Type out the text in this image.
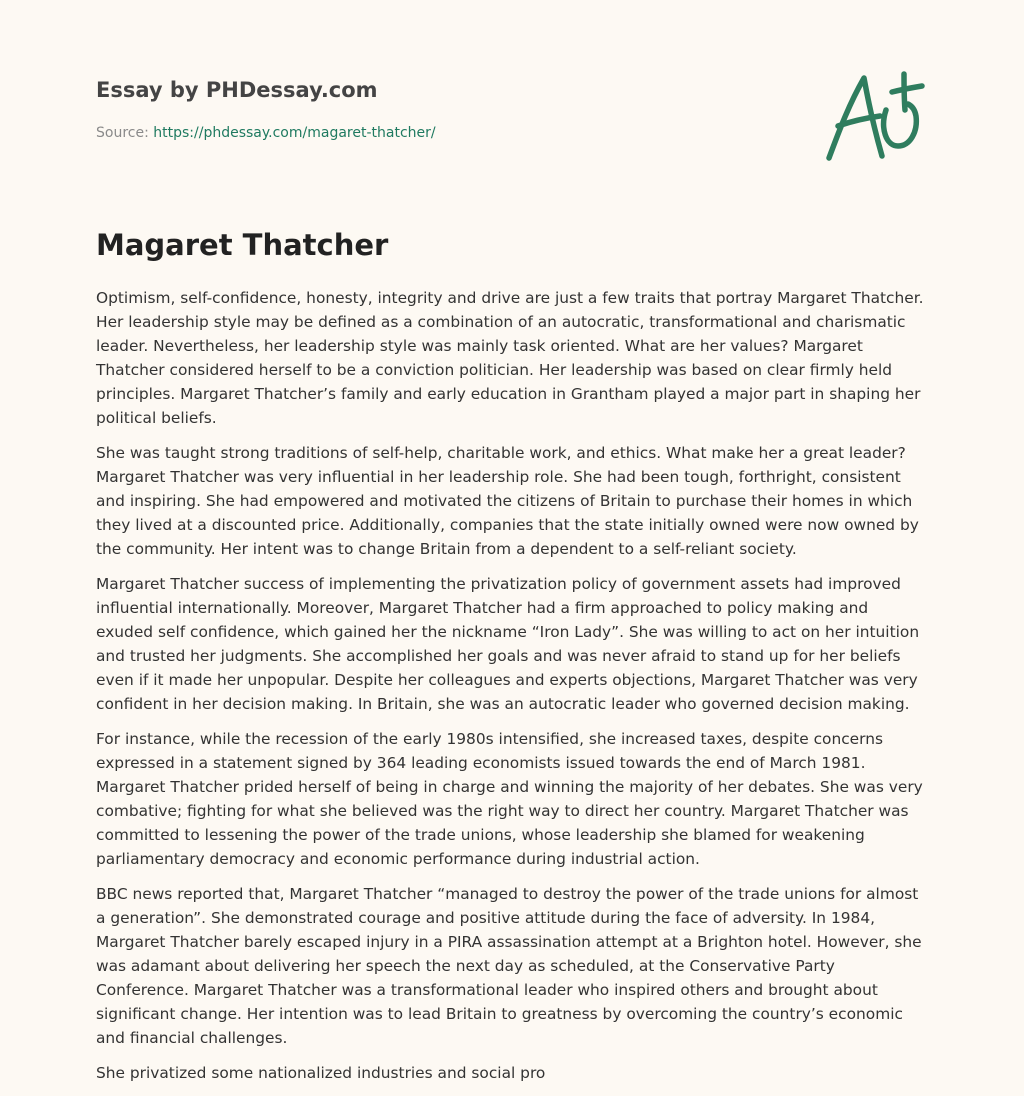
Essay by PHDessay.com
Source: https://phdessay.com/magaret-thatcher/
Magaret Thatcher

Optimism, self-confidence, honesty, integrity and drive are just a few traits that portray Margaret Thatcher. Her leadership style may be defined as a combination of an autocratic, transformational and charismatic leader. Nevertheless, her leadership style was mainly task oriented. What are her values? Margaret Thatcher considered herself to be a conviction politician. Her leadership was based on clear firmly held principles. Margaret Thatcher’s family and early education in Grantham played a major part in shaping her political beliefs.

She was taught strong traditions of self-help, charitable work, and ethics. What make her a great leader? Margaret Thatcher was very influential in her leadership role. She had been tough, forthright, consistent and inspiring. She had empowered and motivated the citizens of Britain to purchase their homes in which they lived at a discounted price. Additionally, companies that the state initially owned were now owned by the community. Her intent was to change Britain from a dependent to a self-reliant society.

Margaret Thatcher success of implementing the privatization policy of government assets had improved influential internationally. Moreover, Margaret Thatcher had a firm approached to policy making and exuded self confidence, which gained her the nickname “Iron Lady”. She was willing to act on her intuition and trusted her judgments. She accomplished her goals and was never afraid to stand up for her beliefs even if it made her unpopular. Despite her colleagues and experts objections, Margaret Thatcher was very confident in her decision making. In Britain, she was an autocratic leader who governed decision making.

For instance, while the recession of the early 1980s intensified, she increased taxes, despite concerns expressed in a statement signed by 364 leading economists issued towards the end of March 1981. Margaret Thatcher prided herself of being in charge and winning the majority of her debates. She was very combative; fighting for what she believed was the right way to direct her country. Margaret Thatcher was committed to lessening the power of the trade unions, whose leadership she blamed for weakening parliamentary democracy and economic performance during industrial action.

BBC news reported that, Margaret Thatcher “managed to destroy the power of the trade unions for almost a generation”. She demonstrated courage and positive attitude during the face of adversity. In 1984, Margaret Thatcher barely escaped injury in a PIRA assassination attempt at a Brighton hotel. However, she was adamant about delivering her speech the next day as scheduled, at the Conservative Party Conference. Margaret Thatcher was a transformational leader who inspired others and brought about significant change. Her intention was to lead Britain to greatness by overcoming the country’s economic and financial challenges.

She privatized some nationalized industries and social pro
